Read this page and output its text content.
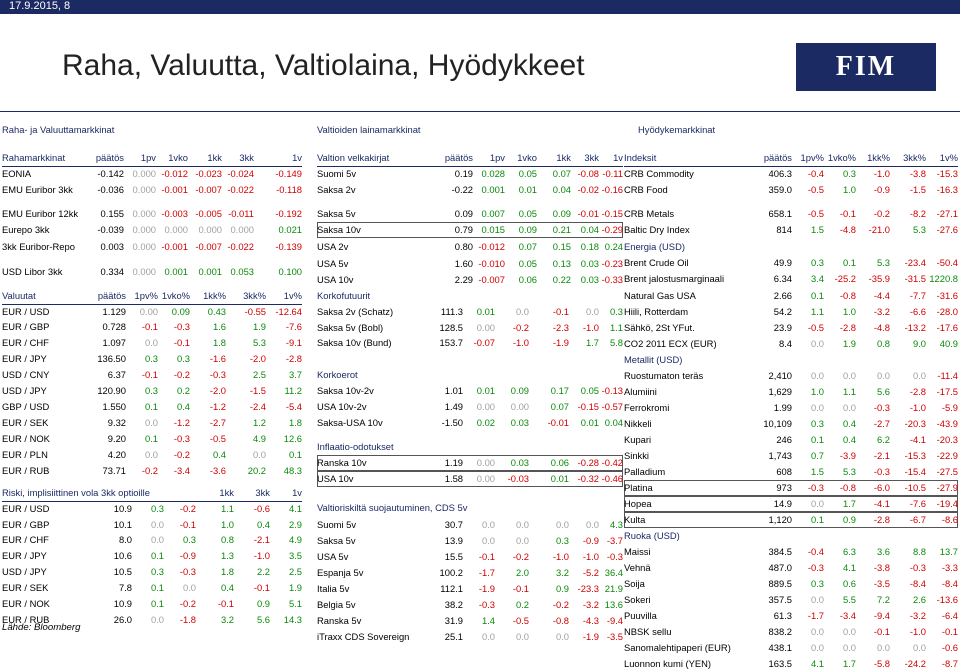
17.9.2015, 8
Raha, Valuutta, Valtiolaina, Hyödykkeet	FIM
Raha- ja Valuuttamarkkinat	Valtioiden lainamarkkinat	Hyödykemarkkinat
Rahamarkkinat	päätös	1pv	1vko	1kk	3kk	1v
EONIA	-0.142 0.000 -0.012 -0.023 -0.024	-0.149
EMU Euribor 3kk	-0.036 0.000 -0.001 -0.007 -0.022	-0.118
EMU Euribor 12kk	0.155 0.000 -0.003 -0.005 -0.011	-0.192
Eurepo 3kk	-0.039 0.000 0.000	0.000 0.000	0.021
3kk Euribor-Repo	0.003 0.000 -0.001 -0.007 -0.022	-0.139
USD Libor 3kk	0.334 0.000 0.001	0.001 0.053	0.100
Valuutat	päätös 1pv% 1vko%	1kk%	3kk%	1v%
EUR / USD	1.129	0.00	0.09	0.43	-0.55	-12.64
EUR / GBP	0.728	-0.1	-0.3	1.6	1.9	-7.6
EUR / CHF	1.097	0.0	-0.1	1.8	5.3	-9.1
EUR / JPY	136.50	0.3	0.3	-1.6	-2.0	-2.8
USD / CNY	6.37	-0.1	-0.2	-0.3	2.5	3.7
USD / JPY	120.90	0.3	0.2	-2.0	-1.5	11.2
GBP / USD	1.550	0.1	0.4	-1.2	-2.4	-5.4
EUR / SEK	9.32	0.0	-1.2	-2.7	1.2	1.8
EUR / NOK	9.20	0.1	-0.3	-0.5	4.9	12.6
EUR / PLN	4.20	0.0	-0.2	0.4	0.0	0.1
EUR / RUB	73.71	-0.2	-3.4	-3.6	20.2	48.3
Riski, implisiittinen vola 3kk optioille	1kk	3kk	1v
EUR / USD	10.9	0.3	-0.2	1.1	-0.6	4.1
EUR / GBP	10.1	0.0	-0.1	1.0	0.4	2.9
EUR / CHF	8.0	0.0	0.3	0.8	-2.1	4.9
EUR / JPY	10.6	0.1	-0.9	1.3	-1.0	3.5
USD / JPY	10.5	0.3	-0.3	1.8	2.2	2.5
EUR / SEK	7.8	0.1	0.0	0.4	-0.1	1.9
EUR / NOK	10.9	0.1	-0.2	-0.1	0.9	5.1
EUR / RUB	26.0	0.0	-1.8	3.2	5.6	14.3
Valtion velkakirjat	päätös	1pv	1vko	1kk	3kk	1v
Suomi 5v	0.19 0.028	0.05	0.07 -0.08 -0.11
Saksa 2v	-0.22 0.001	0.01	0.04 -0.02 -0.16
Saksa 5v	0.09 0.007	0.05	0.09 -0.01 -0.15
Saksa 10v	0.79 0.015	0.09	0.21	0.04 -0.29
USA 2v	0.80 -0.012	0.07	0.15	0.18 0.24
USA 5v	1.60 -0.010	0.05	0.13	0.03 -0.23
USA 10v	2.29 -0.007	0.06	0.22	0.03 -0.33
Korkofutuurit
Saksa 2v (Schatz)	111.3	0.01	0.0	-0.1	0.0	0.3
Saksa 5v (Bobl)	128.5	0.00	-0.2	-2.3	-1.0	1.1
Saksa 10v (Bund)	153.7	-0.07	-1.0	-1.9	1.7	5.8
Korkoerot
Saksa 10v-2v	1.01	0.01	0.09	0.17	0.05 -0.13
USA 10v-2v	1.49	0.00	0.00	0.07 -0.15 -0.57
Saksa-USA 10v	-1.50	0.02	0.03	-0.01	0.01 0.04
Inflaatio-odotukset
Ranska 10v	1.19	0.00	0.03	0.06 -0.28 -0.42
USA 10v	1.58	0.00	-0.03	0.01 -0.32 -0.46
Valtioriskiltä suojautuminen, CDS 5v
Suomi 5v	30.7	0.0	0.0	0.0	0.0	4.3
Saksa 5v	13.9	0.0	0.0	0.3	-0.9 -3.7
USA 5v	15.5	-0.1	-0.2	-1.0	-1.0 -0.3
Espanja 5v	100.2	-1.7	2.0	3.2	-5.2 36.4
Italia 5v	112.1	-1.9	-0.1	0.9 -23.3 21.9
Belgia 5v	38.2	-0.3	0.2	-0.2	-3.2 13.6
Ranska 5v	31.9	1.4	-0.5	-0.8	-4.3 -9.4
iTraxx CDS Sovereign	25.1	0.0	0.0	0.0	-1.9 -3.5
Indeksit	päätös 1pv% 1vko%	1kk%	3kk%	1v%
CRB Commodity	406.3	-0.4	0.3	-1.0	-3.8	-15.3
CRB Food	359.0	-0.5	1.0	-0.9	-1.5	-16.3
CRB Metals	658.1	-0.5	-0.1	-0.2	-8.2	-27.1
Baltic Dry Index	814	1.5	-4.8	-21.0	5.3	-27.6
Energia (USD)
Brent Crude Oil	49.9	0.3	0.1	5.3	-23.4	-50.4
Brent jalostusmarginaali	6.34	3.4	-25.2	-35.9	-31.5 1220.8
Natural Gas USA	2.66	0.1	-0.8	-4.4	-7.7	-31.6
Hiili, Rotterdam	54.2	1.1	1.0	-3.2	-6.6	-28.0
Sähkö, 2St YFut.	23.9	-0.5	-2.8	-4.8	-13.2	-17.6
CO2 2011 ECX (EUR)	8.4	0.0	1.9	0.8	9.0	40.9
Metallit (USD)
Ruostumaton teräs	2,410	0.0	0.0	0.0	0.0	-11.4
Alumiini	1,629	1.0	1.1	5.6	-2.8	-17.5
Ferrokromi	1.99	0.0	0.0	-0.3	-1.0	-5.9
Nikkeli	10,109	0.3	0.4	-2.7	-20.3	-43.9
Kupari	246	0.1	0.4	6.2	-4.1	-20.3
Sinkki	1,743	0.7	-3.9	-2.1	-15.3	-22.9
Palladium	608	1.5	5.3	-0.3	-15.4	-27.5
Platina	973	-0.3	-0.8	-6.0	-10.5	-27.9
Hopea	14.9	0.0	1.7	-4.1	-7.6	-19.4
Kulta	1,120	0.1	0.9	-2.8	-6.7	-8.6
Ruoka (USD)
Maissi	384.5	-0.4	6.3	3.6	8.8	13.7
Vehnä	487.0	-0.3	4.1	-3.8	-0.3	-3.3
Soija	889.5	0.3	0.6	-3.5	-8.4	-8.4
Sokeri	357.5	0.0	5.5	7.2	2.6	-13.6
Puuvilla	61.3	-1.7	-3.4	-9.4	-3.2	-6.4
NBSK sellu	838.2	0.0	0.0	-0.1	-1.0	-0.1
Sanomalehtipaperi (EUR)	438.1	0.0	0.0	0.0	0.0	-0.6
Luonnon kumi (YEN)	163.5	4.1	1.7	-5.8	-24.2	-8.7
Lähde: Bloomberg
